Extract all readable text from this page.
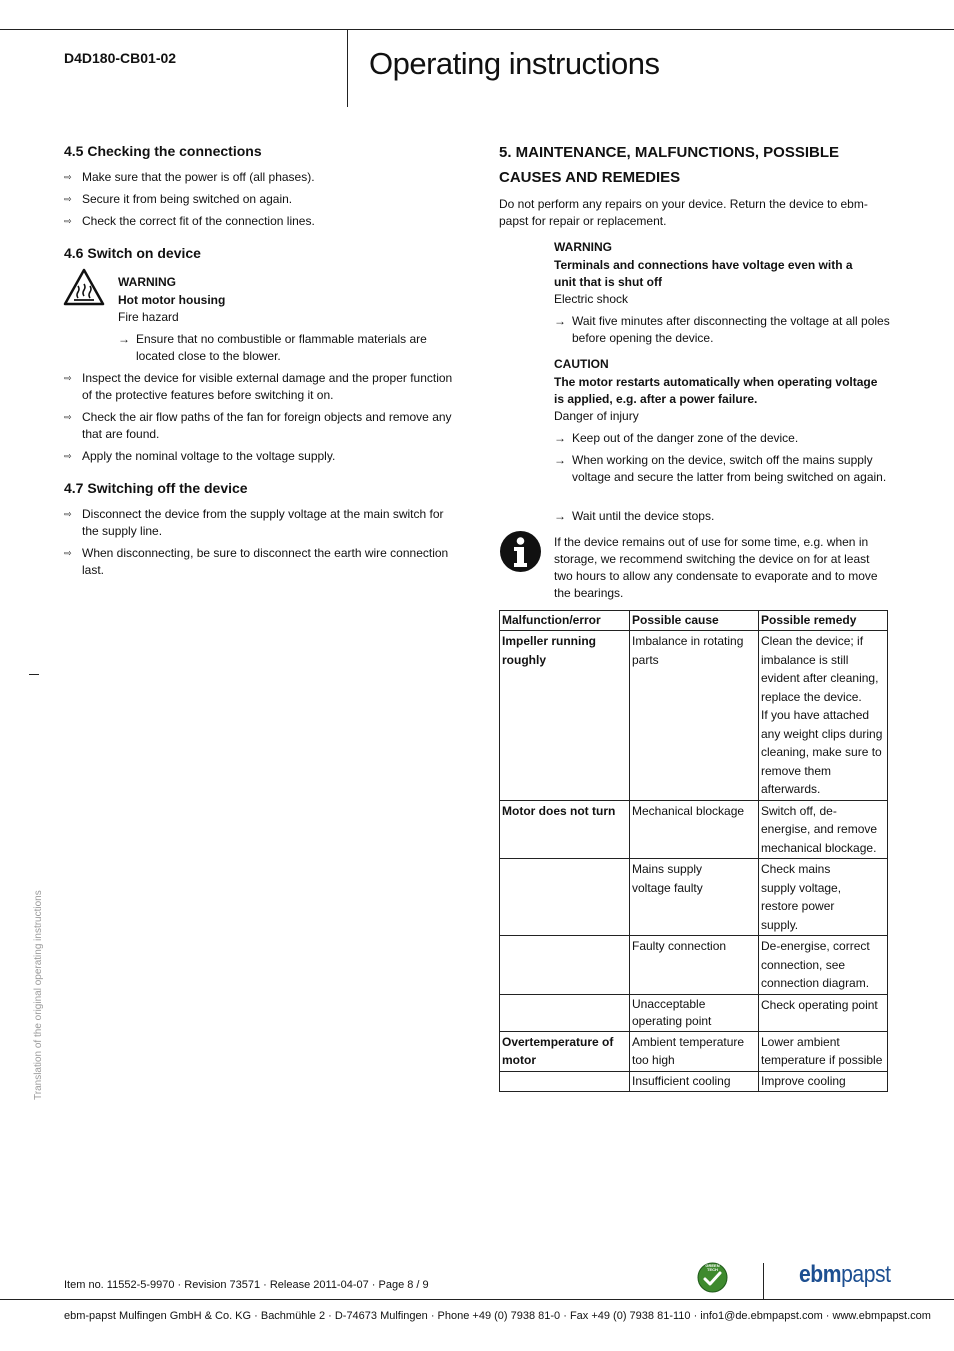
D4D180-CB01-02	Operating instructions
4.5 Checking the connections
⇨ Make sure that the power is off (all phases).
⇨ Secure it from being switched on again.
⇨ Check the correct fit of the connection lines.
4.6 Switch on device
WARNING
Hot motor housing
Fire hazard
→ Ensure that no combustible or flammable materials are located close to the blower.
⇨ Inspect the device for visible external damage and the proper function of the protective features before switching it on.
⇨ Check the air flow paths of the fan for foreign objects and remove any that are found.
⇨ Apply the nominal voltage to the voltage supply.
4.7 Switching off the device
⇨ Disconnect the device from the supply voltage at the main switch for the supply line.
⇨ When disconnecting, be sure to disconnect the earth wire connection last.
5. MAINTENANCE, MALFUNCTIONS, POSSIBLE
CAUSES AND REMEDIES
Do not perform any repairs on your device. Return the device to ebm-papst for repair or replacement.
WARNING
Terminals and connections have voltage even with a unit that is shut off
Electric shock
→ Wait five minutes after disconnecting the voltage at all poles before opening the device.
CAUTION
The motor restarts automatically when operating voltage is applied, e.g. after a power failure.
Danger of injury
→ Keep out of the danger zone of the device.
→ When working on the device, switch off the mains supply voltage and secure the latter from being switched on again.
→ Wait until the device stops.
If the device remains out of use for some time, e.g. when in storage, we recommend switching the device on for at least two hours to allow any condensate to evaporate and to move the bearings.
Malfunction/error	Possible cause	Possible remedy
Impeller running roughly	Imbalance in rotating parts	Clean the device; if imbalance is still evident after cleaning, replace the device.
If you have attached any weight clips during cleaning, make sure to remove them afterwards.

Motor does not turn	Mechanical blockage	Switch off, de-energise, and remove mechanical blockage.
	Mains supply voltage faulty	Check mains supply voltage, restore power supply.
	Faulty connection	De-energise, correct connection, see connection diagram.
	Unacceptable operating point	Check operating point
Overtemperature of motor	Ambient temperature too high	Lower ambient temperature if possible
	Insufficient cooling	Improve cooling
Translation of the original operating instructions
Item no. 11552-5-9970 · Revision 73571 · Release 2011-04-07 · Page 8 / 9
GREEN TECH	ebmpapst
ebm-papst Mulfingen GmbH & Co. KG · Bachmühle 2 · D-74673 Mulfingen · Phone +49 (0) 7938 81-0 · Fax +49 (0) 7938 81-110 · info1@de.ebmpapst.com · www.ebmpapst.com
